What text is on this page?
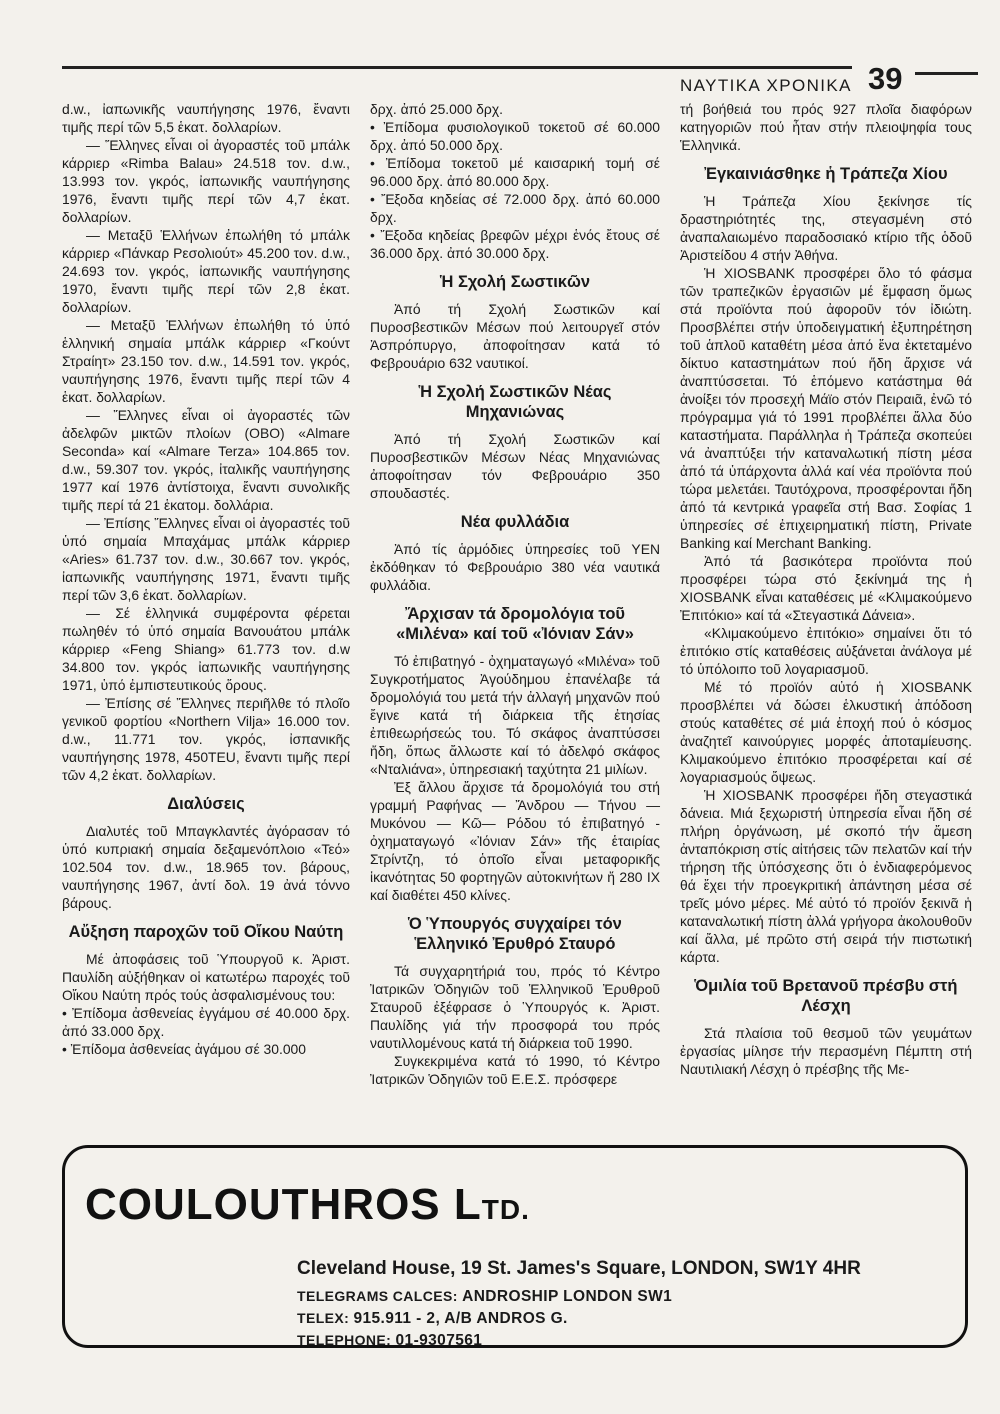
ΝΑΥΤΙΚΑ ΧΡΟΝΙΚΑ 39

d.w., ἰαπωνικῆς ναυπήγησης 1976, ἔναντι τιμῆς περί τῶν 5,5 ἑκατ. δολλαρίων.

— Ἕλληνες εἶναι οἱ ἀγοραστές τοῦ μπάλκ κάρριερ «Rimba Balau» 24.518 τον. d.w., 13.993 τον. γκρός, ἰαπωνικῆς ναυπήγησης 1976, ἔναντι τιμῆς περί τῶν 4,7 ἑκατ. δολλαρίων.

— Μεταξῦ Ἑλλήνων ἐπωλήθη τό μπάλκ κάρριερ «Πάνκαρ Ρεσολιούτ» 45.200 τον. d.w., 24.693 τον. γκρός, ἰαπωνικῆς ναυπήγησης 1970, ἔναντι τιμῆς περί τῶν 2,8 ἑκατ. δολλαρίων.

— Μεταξῦ Ἑλλήνων ἐπωλήθη τό ὑπό ἑλληνική σημαία μπάλκ κάρριερ «Γκούντ Στραίητ» 23.150 τον. d.w., 14.591 τον. γκρός, ναυπήγησης 1976, ἔναντι τιμῆς περί τῶν 4 ἑκατ. δολλαρίων.

— Ἕλληνες εἶναι οἱ ἀγοραστές τῶν ἀδελφῶν μικτῶν πλοίων (ΟΒΟ) «Almare Seconda» καί «Almare Terza» 104.865 τον. d.w., 59.307 τον. γκρός, ἰταλικῆς ναυπήγησης 1977 καί 1976 ἀντίστοιχα, ἔναντι συνολικῆς τιμῆς περί τά 21 ἑκατομ. δολλάρια.

— Ἐπίσης Ἕλληνες εἶναι οἱ ἀγοραστές τοῦ ὑπό σημαία Μπαχάμας μπάλκ κάρριερ «Aries» 61.737 τον. d.w., 30.667 τον. γκρός, ἰαπωνικῆς ναυπήγησης 1971, ἔναντι τιμῆς περί τῶν 3,6 ἑκατ. δολλαρίων.

— Σέ ἑλληνικά συμφέροντα φέρεται πωληθέν τό ὑπό σημαία Βανουάτου μπάλκ κάρριερ «Feng Shiang» 61.773 τον. d.w 34.800 τον. γκρός ἰαπωνικῆς ναυπήγησης 1971, ὑπό ἐμπιστευτικούς ὅρους.

— Ἐπίσης σέ Ἕλληνες περιῆλθε τό πλοῖο γενικοῦ φορτίου «Northern Vilja» 16.000 τον. d.w., 11.771 τον. γκρός, ἰσπανικῆς ναυπήγησης 1978, 450TEU, ἔναντι τιμῆς περί τῶν 4,2 ἑκατ. δολλαρίων.

Διαλύσεις

Διαλυτές τοῦ Μπαγκλαντές ἀγόρασαν τό ὑπό κυπριακή σημαία δεξαμενόπλοιο «Τεό» 102.504 τον. d.w., 18.965 τον. βάρους, ναυπήγησης 1967, ἀντί δολ. 19 ἀνά τόννο βάρους.

Αὔξηση παροχῶν τοῦ Οἴκου Ναύτη

Μέ ἀποφάσεις τοῦ Ὑπουργοῦ κ. Ἀριστ. Παυλίδη αὐξήθηκαν οἱ κατωτέρω παροχές τοῦ Οἴκου Ναύτη πρός τούς ἀσφαλισμένους του:

• Ἐπίδομα ἀσθενείας ἐγγάμου σέ 40.000 δρχ. ἀπό 33.000 δρχ.

• Ἐπίδομα ἀσθενείας ἀγάμου σέ 30.000

δρχ. ἀπό 25.000 δρχ.

• Ἐπίδομα φυσιολογικοῦ τοκετοῦ σέ 60.000 δρχ. ἀπό 50.000 δρχ.

• Ἐπίδομα τοκετοῦ μέ καισαρική τομή σέ 96.000 δρχ. ἀπό 80.000 δρχ.

• Ἔξοδα κηδείας σέ 72.000 δρχ. ἀπό 60.000 δρχ.

• Ἔξοδα κηδείας βρεφῶν μέχρι ἑνός ἔτους σέ 36.000 δρχ. ἀπό 30.000 δρχ.

Ἡ Σχολή Σωστικῶν

Ἀπό τή Σχολή Σωστικῶν καί Πυροσβεστικῶν Μέσων πού λειτουργεῖ στόν Ἀσπρόπυργο, ἀποφοίτησαν κατά τό Φεβρουάριο 632 ναυτικοί.

Ἡ Σχολή Σωστικῶν Νέας Μηχανιώνας

Ἀπό τή Σχολή Σωστικῶν καί Πυροσβεστικῶν Μέσων Νέας Μηχανιώνας ἀποφοίτησαν τόν Φεβρουάριο 350 σπουδαστές.

Νέα φυλλάδια

Ἀπό τίς ἁρμόδιες ὑπηρεσίες τοῦ ΥΕΝ ἐκδόθηκαν τό Φεβρουάριο 380 νέα ναυτικά φυλλάδια.

Ἄρχισαν τά δρομολόγια τοῦ «Μιλένα» καί τοῦ «Ἰόνιαν Σάν»

Τό ἐπιβατηγό - ὀχηματαγωγό «Μιλένα» τοῦ Συγκροτήματος Ἀγούδημου ἐπανέλαβε τά δρομολόγιά του μετά τήν ἀλλαγή μηχανῶν πού ἔγινε κατά τή διάρκεια τῆς ἐτησίας ἐπιθεωρήσεώς του. Τό σκάφος ἀναπτύσσει ἤδη, ὅπως ἄλλωστε καί τό ἀδελφό σκάφος «Νταλιάνα», ὑπηρεσιακή ταχύτητα 21 μιλίων.

Ἐξ ἄλλου ἄρχισε τά δρομολόγιά του στή γραμμή Ραφήνας — Ἄνδρου — Τήνου — Μυκόνου — Κῶ— Ρόδου τό ἐπιβατηγό - ὀχηματαγωγό «Ἰόνιαν Σάν» τῆς ἑταιρίας Στρίντζη, τό ὁποῖο εἶναι μεταφορικῆς ἱκανότητας 50 φορτηγῶν αὐτοκινήτων ἤ 280 ΙΧ καί διαθέτει 450 κλίνες.

Ὁ Ὑπουργός συγχαίρει τόν Ἑλληνικό Ἐρυθρό Σταυρό

Τά συγχαρητήριά του, πρός τό Κέντρο Ἰατρικῶν Ὁδηγιῶν τοῦ Ἑλληνικοῦ Ἐρυθροῦ Σταυροῦ ἐξέφρασε ὁ Ὑπουργός κ. Ἀριστ. Παυλίδης γιά τήν προσφορά του πρός ναυτιλλομένους κατά τή διάρκεια τοῦ 1990.

Συγκεκριμένα κατά τό 1990, τό Κέντρο Ἰατρικῶν Ὁδηγιῶν τοῦ Ε.Ε.Σ. πρόσφερε

τή βοήθειά του πρός 927 πλοῖα διαφόρων κατηγοριῶν πού ἦταν στήν πλειοψηφία τους Ἑλληνικά.

Ἐγκαινιάσθηκε ἡ Τράπεζα Χίου

Ἡ Τράπεζα Χίου ξεκίνησε τίς δραστηριότητές της, στεγασμένη στό ἀναπαλαιωμένο παραδοσιακό κτίριο τῆς ὁδοῦ Ἀριστείδου 4 στήν Ἀθήνα.

Ἡ XIOSBANK προσφέρει ὅλο τό φάσμα τῶν τραπεζικῶν ἐργασιῶν μέ ἔμφαση ὅμως στά προϊόντα πού ἀφοροῦν τόν ἰδιώτη. Προσβλέπει στήν ὑποδειγματική ἐξυπηρέτηση τοῦ ἁπλοῦ καταθέτη μέσα ἀπό ἕνα ἐκτεταμένο δίκτυο καταστημάτων πού ἤδη ἄρχισε νά ἀναπτύσσεται. Τό ἑπόμενο κατάστημα θά ἀνοίξει τόν προσεχή Μάϊο στόν Πειραιᾶ, ἐνῶ τό πρόγραμμα γιά τό 1991 προβλέπει ἄλλα δύο καταστήματα. Παράλληλα ἡ Τράπεζα σκοπεύει νά ἀναπτύξει τήν καταναλωτική πίστη μέσα ἀπό τά ὑπάρχοντα ἀλλά καί νέα προϊόντα πού τώρα μελετάει. Ταυτόχρονα, προσφέρονται ἤδη ἀπό τά κεντρικά γραφεῖα στή Βασ. Σοφίας 1 ὑπηρεσίες σέ ἐπιχειρηματική πίστη, Private Banking καί Merchant Banking.

Ἀπό τά βασικότερα προϊόντα πού προσφέρει τώρα στό ξεκίνημά της ἡ XIOSBANK εἶναι καταθέσεις μέ «Κλιμακούμενο Ἐπιτόκιο» καί τά «Στεγαστικά Δάνεια».

«Κλιμακούμενο ἐπιτόκιο» σημαίνει ὅτι τό ἐπιτόκιο στίς καταθέσεις αὐξάνεται ἀνάλογα μέ τό ὑπόλοιπο τοῦ λογαριασμοῦ.

Μέ τό προϊόν αὐτό ἡ XIOSBANK προσβλέπει νά δώσει ἑλκυστική ἀπόδοση στούς καταθέτες σέ μιά ἐποχή πού ὁ κόσμος ἀναζητεῖ καινούργιες μορφές ἀποταμίευσης. Κλιμακούμενο ἐπιτόκιο προσφέρεται καί σέ λογαριασμούς ὄψεως.

Ἡ XIOSBANK προσφέρει ἤδη στεγαστικά δάνεια. Μιά ξεχωριστή ὑπηρεσία εἶναι ἤδη σέ πλήρη ὀργάνωση, μέ σκοπό τήν ἄμεση ἀνταπόκριση στίς αἰτήσεις τῶν πελατῶν καί τήν τήρηση τῆς ὑπόσχεσης ὅτι ὁ ἐνδιαφερόμενος θά ἔχει τήν προεγκριτική ἀπάντηση μέσα σέ τρεῖς μόνο μέρες. Μέ αὐτό τό προϊόν ξεκινᾶ ἡ καταναλωτική πίστη ἀλλά γρήγορα ἀκολουθοῦν καί ἄλλα, μέ πρῶτο στή σειρά τήν πιστωτική κάρτα.

Ὁμιλία τοῦ Βρετανοῦ πρέσβυ στή Λέσχη

Στά πλαίσια τοῦ θεσμοῦ τῶν γευμάτων ἐργασίας μίλησε τήν περασμένη Πέμπτη στή Ναυτιλιακή Λέσχη ὁ πρέσβης τῆς Με-

COULOUTHROS LTD.
Cleveland House, 19 St. James's Square, LONDON, SW1Y 4HR
TELEGRAMS CALCES: ANDROSHIP LONDON SW1
TELEX: 915.911 - 2, A/B ANDROS G.
TELEPHONE: 01-9307561
